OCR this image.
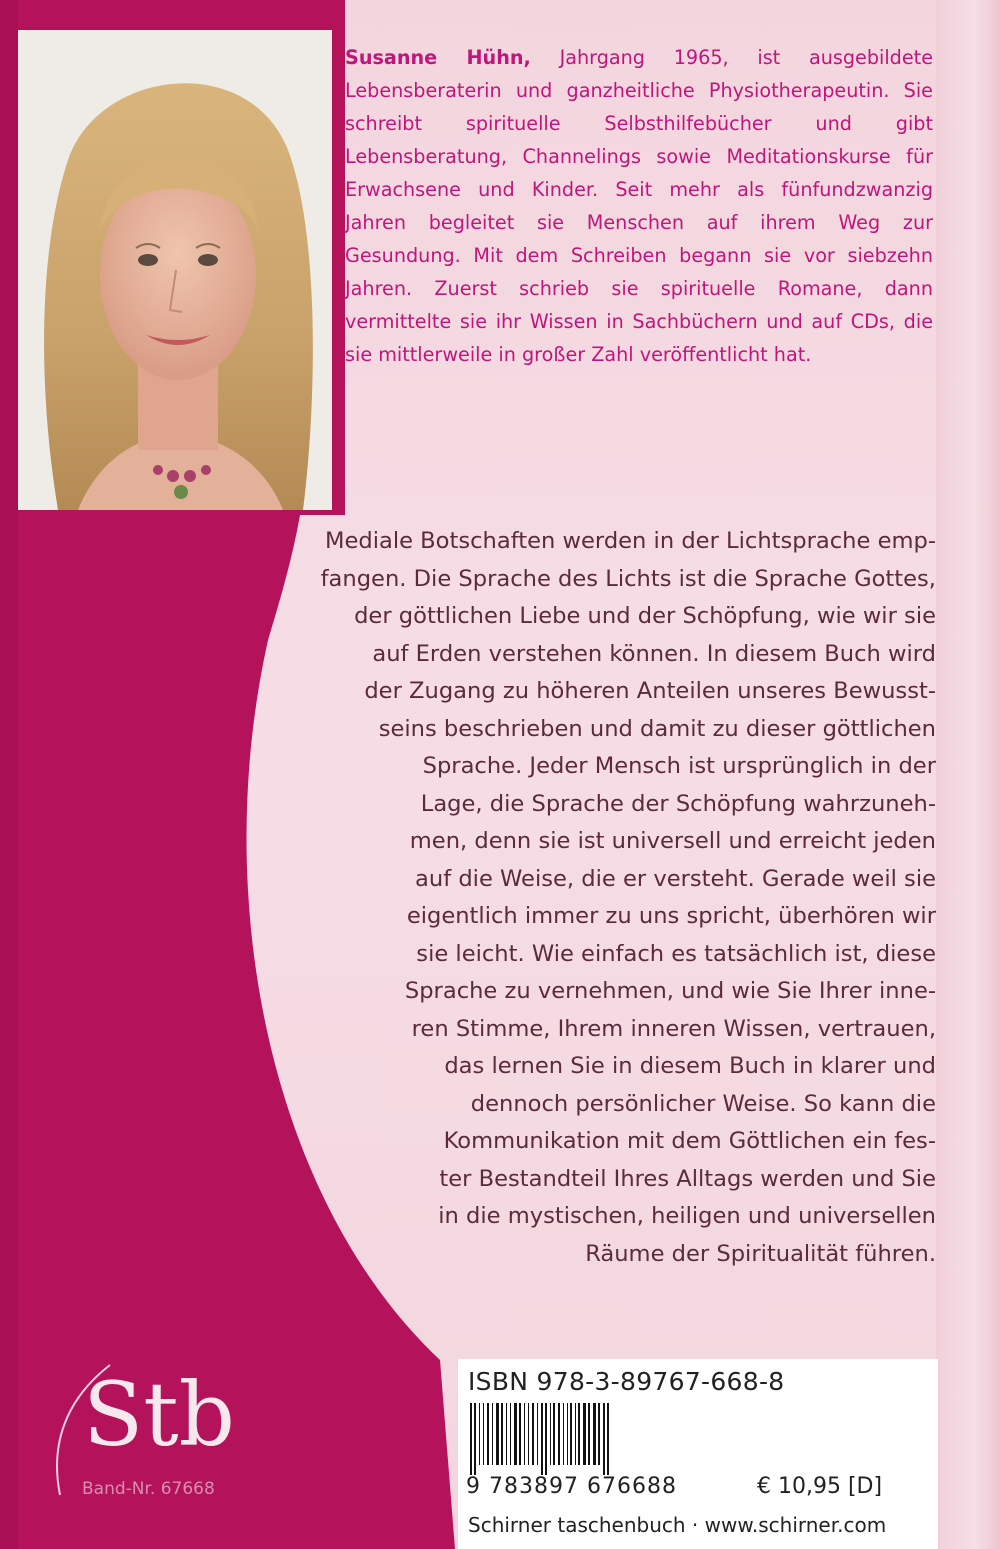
Susanne Hühn, Jahrgang 1965, ist ausgebildete Lebensberaterin und ganzheitliche Physiotherapeutin. Sie schreibt spirituelle Selbsthilfebücher und gibt Lebensberatung, Channelings sowie Meditationskurse für Erwachsene und Kinder. Seit mehr als fünfundzwanzig Jahren begleitet sie Menschen auf ihrem Weg zur Gesundung. Mit dem Schreiben begann sie vor siebzehn Jahren. Zuerst schrieb sie spirituelle Romane, dann vermittelte sie ihr Wissen in Sachbüchern und auf CDs, die sie mittlerweile in großer Zahl veröffentlicht hat.
Mediale Botschaften werden in der Lichtsprache emp-
fangen. Die Sprache des Lichts ist die Sprache Gottes,
der göttlichen Liebe und der Schöpfung, wie wir sie
auf Erden verstehen können. In diesem Buch wird
der Zugang zu höheren Anteilen unseres Bewusst-
seins beschrieben und damit zu dieser göttlichen
Sprache. Jeder Mensch ist ursprünglich in der
Lage, die Sprache der Schöpfung wahrzuneh-
men, denn sie ist universell und erreicht jeden
auf die Weise, die er versteht. Gerade weil sie
eigentlich immer zu uns spricht, überhören wir
sie leicht. Wie einfach es tatsächlich ist, diese
Sprache zu vernehmen, und wie Sie Ihrer inne-
ren Stimme, Ihrem inneren Wissen, vertrauen,
das lernen Sie in diesem Buch in klarer und
dennoch persönlicher Weise. So kann die
Kommunikation mit dem Göttlichen ein fes-
ter Bestandteil Ihres Alltags werden und Sie
in die mystischen, heiligen und universellen
Räume der Spiritualität führen.
Stb
Band-Nr. 67668
ISBN 978-3-89767-668-8
9 783897 676688	€ 10,95 [D]
Schirner taschenbuch · www.schirner.com
